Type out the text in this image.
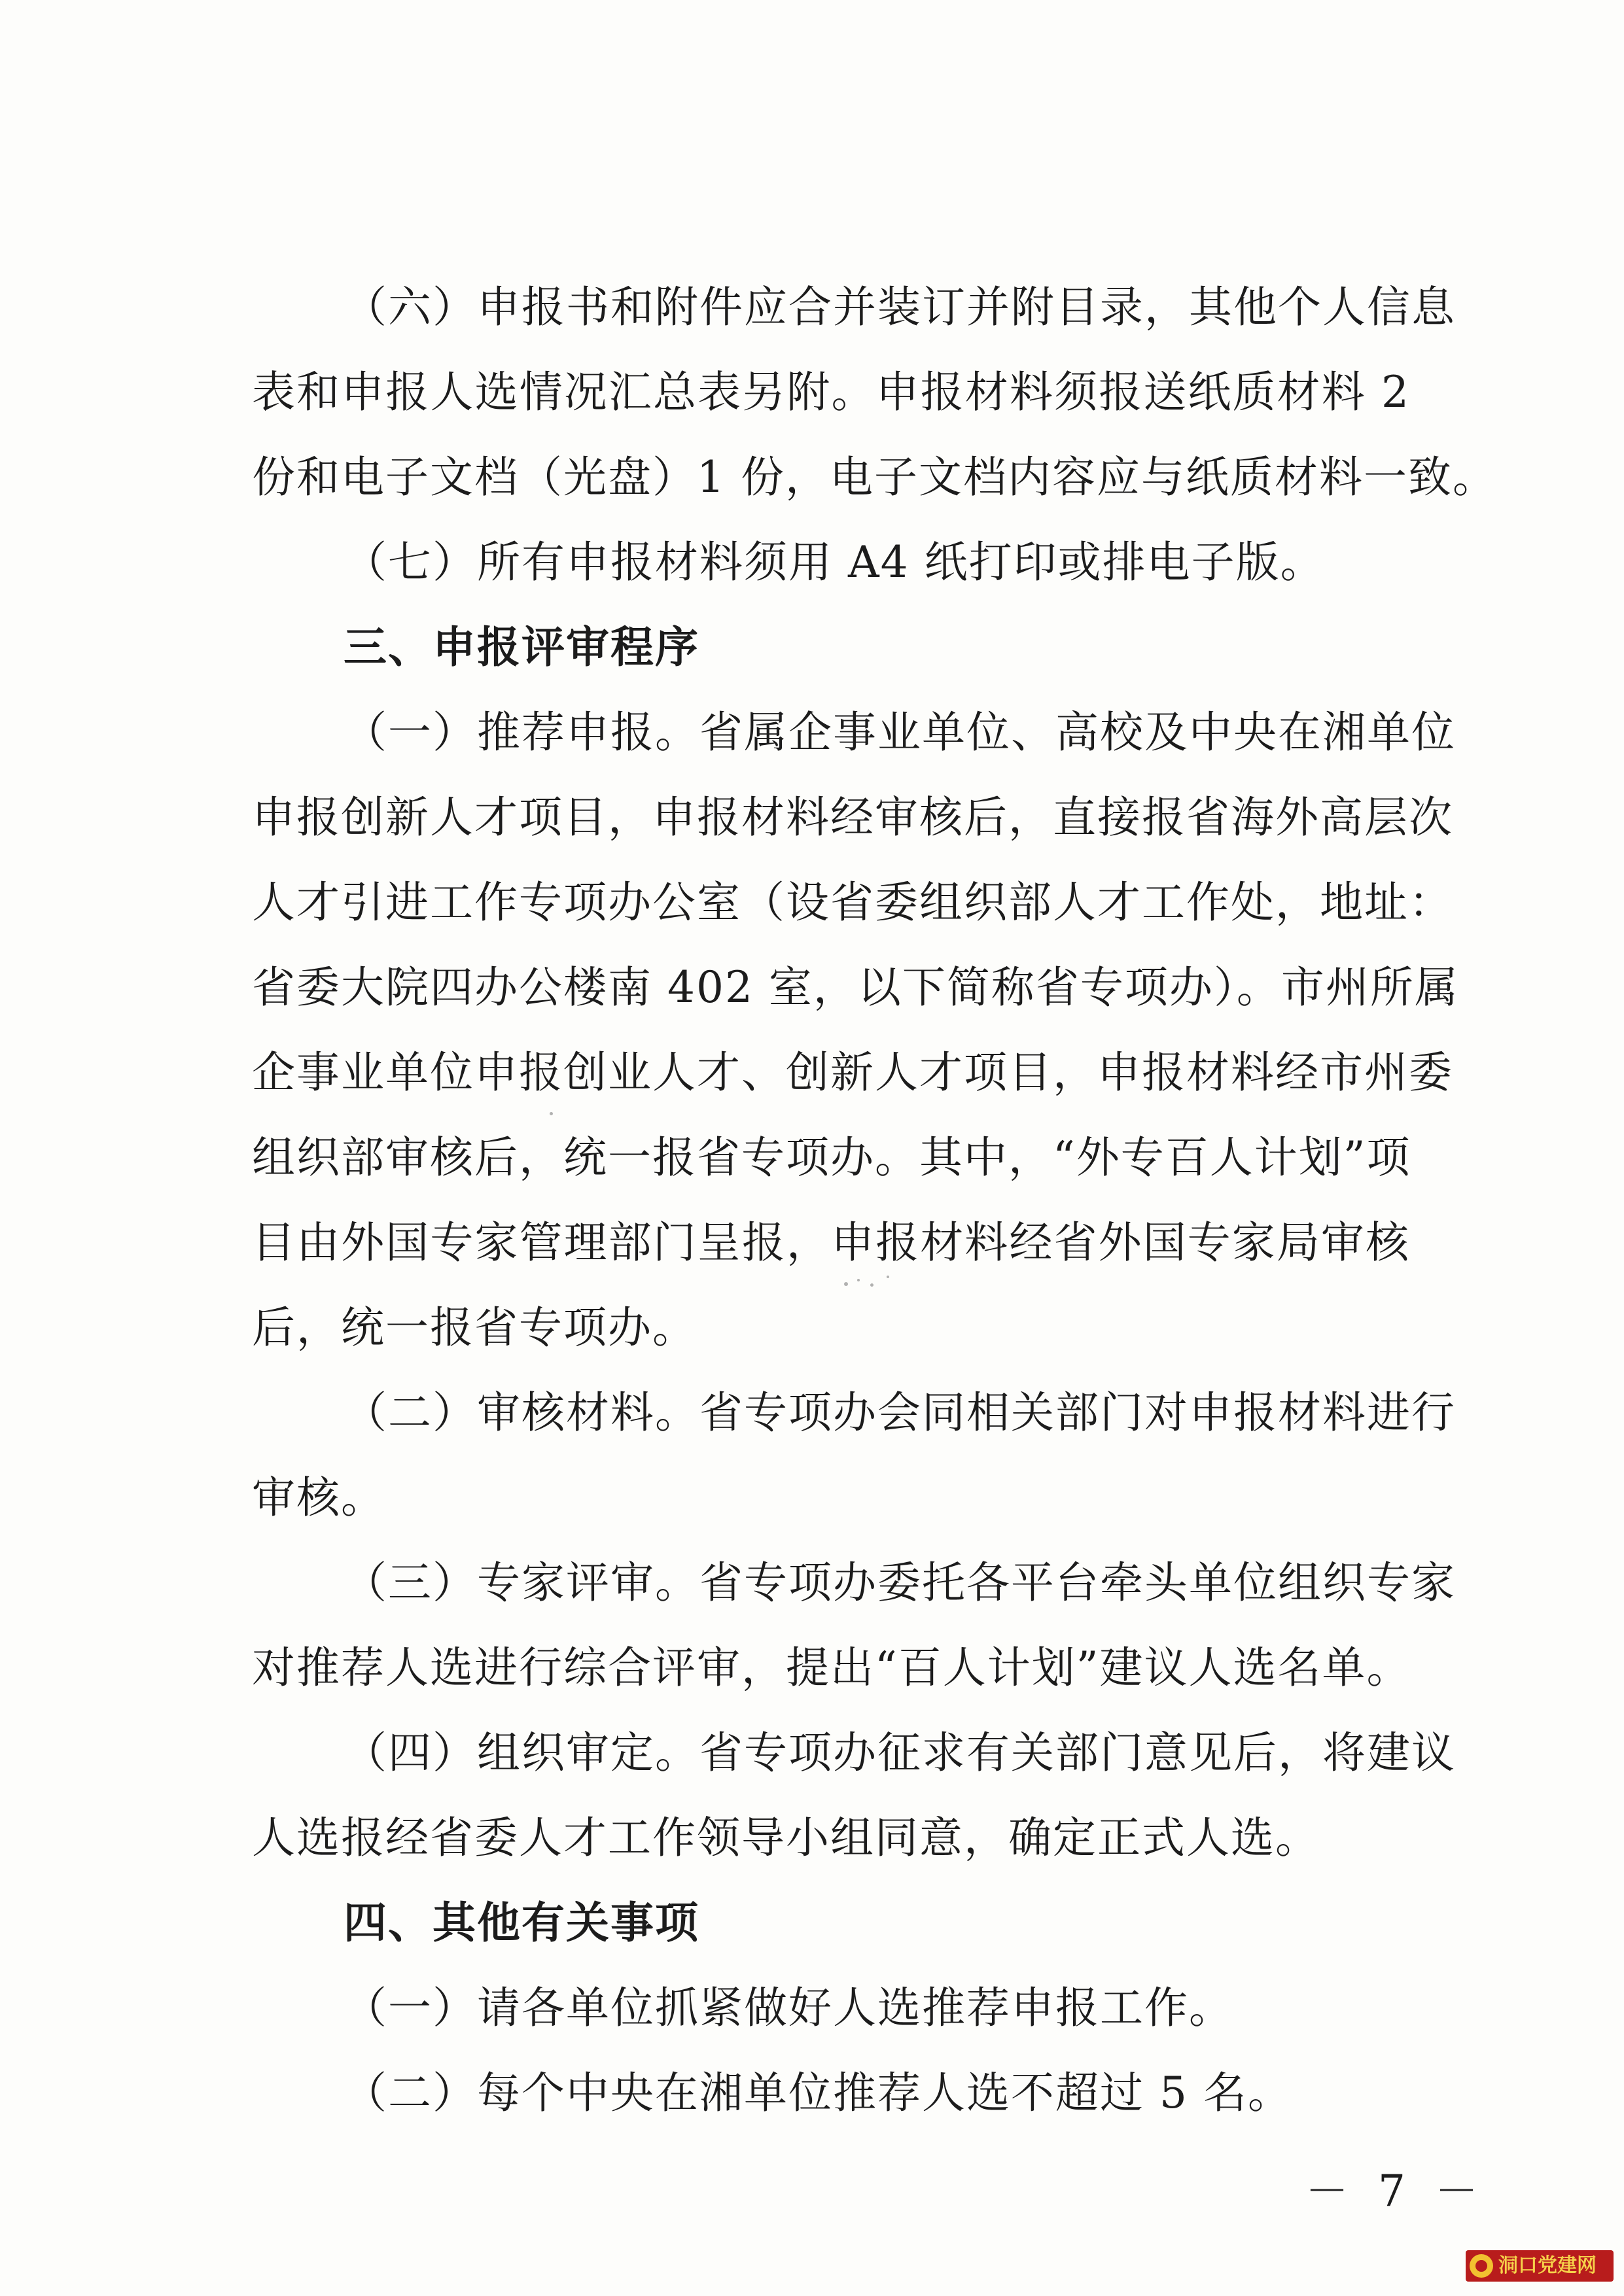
（六）申报书和附件应合并装订并附目录，其他个人信息
表和申报人选情况汇总表另附。申报材料须报送纸质材料 2
份和电子文档（光盘）1 份，电子文档内容应与纸质材料一致。
（七）所有申报材料须用 A4 纸打印或排电子版。
三、申报评审程序
（一）推荐申报。省属企事业单位、高校及中央在湘单位
申报创新人才项目，申报材料经审核后，直接报省海外高层次
人才引进工作专项办公室（设省委组织部人才工作处，地址：
省委大院四办公楼南 402 室，以下简称省专项办）。市州所属
企事业单位申报创业人才、创新人才项目，申报材料经市州委
组织部审核后，统一报省专项办。其中，“外专百人计划”项
目由外国专家管理部门呈报，申报材料经省外国专家局审核
后，统一报省专项办。
（二）审核材料。省专项办会同相关部门对申报材料进行
审核。
（三）专家评审。省专项办委托各平台牵头单位组织专家
对推荐人选进行综合评审，提出“百人计划”建议人选名单。
（四）组织审定。省专项办征求有关部门意见后，将建议
人选报经省委人才工作领导小组同意，确定正式人选。
四、其他有关事项
（一）请各单位抓紧做好人选推荐申报工作。
（二）每个中央在湘单位推荐人选不超过 5 名。
－ 7 －
洞口党建网
